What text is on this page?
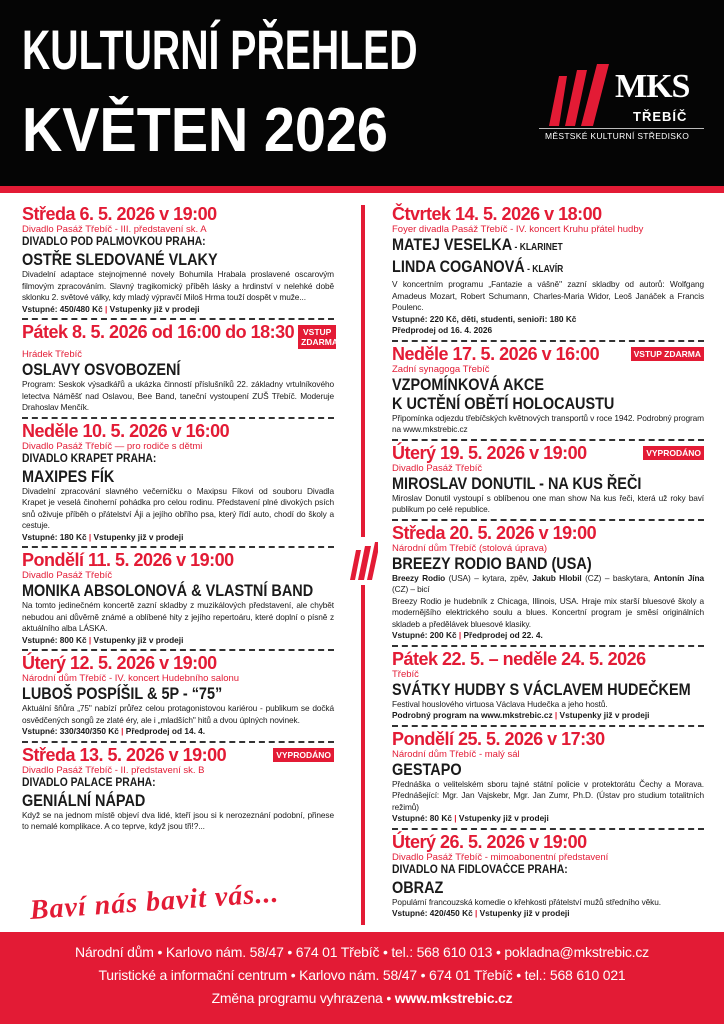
KULTURNÍ PŘEHLED
KVĚTEN 2026
MKS
TŘEBÍČ
MĚSTSKÉ KULTURNÍ STŘEDISKO
Středa 6. 5. 2026 v 19:00
Divadlo Pasáž Třebíč - III. představení sk. A
DIVADLO POD PALMOVKOU PRAHA:
OSTŘE SLEDOVANÉ VLAKY
Divadelní adaptace stejnojmenné novely Bohumila Hrabala proslavené oscarovým filmovým zpracováním. Slavný tragikomický příběh lásky a hrdinství v nelehké době sklonku 2. světové války, kdy mladý výpravčí Miloš Hrma touží dospět v muže...
Vstupné: 450/480 Kč | Vstupenky již v prodeji
Pátek 8. 5. 2026 od 16:00 do 18:30	VSTUP ZDARMA
Hrádek Třebíč
OSLAVY OSVOBOZENÍ
Program: Seskok výsadkářů a ukázka činností příslušníků 22. základny vrtulníkového letectva Náměšť nad Oslavou, Bee Band, taneční vystoupení ZUŠ Třebíč. Moderuje Drahoslav Menčík.
Neděle 10. 5. 2026 v 16:00
Divadlo Pasáž Třebíč — pro rodiče s dětmi
DIVADLO KRAPET PRAHA:
MAXIPES FÍK
Divadelní zpracování slavného večerníčku o Maxipsu Fíkovi od souboru Divadla Krapet je veselá činoherní pohádka pro celou rodinu. Představení plné divokých psích snů oživuje příběh o přátelství Áji a jejího obřího psa, který řídí auto, chodí do školy a cestuje.
Vstupné: 180 Kč | Vstupenky již v prodeji
Pondělí 11. 5. 2026 v 19:00
Divadlo Pasáž Třebíč
MONIKA ABSOLONOVÁ & VLASTNÍ BAND
Na tomto jedinečném koncertě zazní skladby z muzikálových představení, ale chybět nebudou ani důvěrně známé a oblíbené hity z jejího repertoáru, které doplní o písně z aktuálního alba LÁSKA.
Vstupné: 800 Kč | Vstupenky již v prodeji
Úterý 12. 5. 2026 v 19:00
Národní dům Třebíč - IV. koncert Hudebního salonu
LUBOŠ POSPÍŠIL & 5P - “75”
Aktuální šňůra „75" nabízí průřez celou protagonistovou kariérou - publikum se dočká osvědčených songů ze zlaté éry, ale i „mladších" hitů a dvou úplných novinek.
Vstupné: 330/340/350 Kč | Předprodej od 14. 4.
Středa 13. 5. 2026 v 19:00	VYPRODÁNO
Divadlo Pasáž Třebíč - II. představení sk. B
DIVADLO PALACE PRAHA:
GENIÁLNÍ NÁPAD
Když se na jednom místě objeví dva lidé, kteří jsou si k nerozeznání podobní, přinese to nemalé komplikace. A co teprve, když jsou tři!?...
Čtvrtek 14. 5. 2026 v 18:00
Foyer divadla Pasáž Třebíč - IV. koncert Kruhu přátel hudby
MATEJ VESELKA - KLARINET
LINDA COGANOVÁ - KLAVÍR
V koncertním programu „Fantazie a vášně" zazní skladby od autorů: Wolfgang Amadeus Mozart, Robert Schumann, Charles-Maria Widor, Leoš Janáček a Francis Poulenc.
Vstupné: 220 Kč, děti, studenti, senioři: 180 Kč
Předprodej od 16. 4. 2026
Neděle 17. 5. 2026 v 16:00	VSTUP ZDARMA
Zadní synagoga Třebíč
VZPOMÍNKOVÁ AKCE
K UCTĚNÍ OBĚTÍ HOLOCAUSTU
Připomínka odjezdu třebíčských květnových transportů v roce 1942. Podrobný program na www.mkstrebic.cz
Úterý 19. 5. 2026 v 19:00	VYPRODÁNO
Divadlo Pasáž Třebíč
MIROSLAV DONUTIL - NA KUS ŘEČI
Miroslav Donutil vystoupí s oblíbenou one man show Na kus řeči, která už roky baví publikum po celé republice.
Středa 20. 5. 2026 v 19:00
Národní dům Třebíč (stolová úprava)
BREEZY RODIO BAND (USA)
Breezy Rodio (USA) – kytara, zpěv, Jakub Hlobil (CZ) – baskytara, Antonín Jína (CZ) – bicí
Breezy Rodio je hudebník z Chicaga, Illinois, USA. Hraje mix starší bluesové školy a modernějšího elektrického soulu a blues. Koncertní program je směsí originálních skladeb a předělávek bluesové klasiky.
Vstupné: 200 Kč | Předprodej od 22. 4.
Pátek 22. 5. – neděle 24. 5. 2026
Třebíč
SVÁTKY HUDBY S VÁCLAVEM HUDEČKEM
Festival houslového virtuosa Václava Hudečka a jeho hostů.
Podrobný program na www.mkstrebic.cz | Vstupenky již v prodeji
Pondělí 25. 5. 2026 v 17:30
Národní dům Třebíč - malý sál
GESTAPO
Přednáška o velitelském sboru tajné státní policie v protektorátu Čechy a Morava. Přednášející: Mgr. Jan Vajskebr, Mgr. Jan Zumr, Ph.D. (Ústav pro studium totalitních režimů)
Vstupné: 80 Kč | Vstupenky již v prodeji
Úterý 26. 5. 2026 v 19:00
Divadlo Pasáž Třebíč - mimoabonentní představení
DIVADLO NA FIDLOVAČCE PRAHA:
OBRAZ
Populární francouzská komedie o křehkosti přátelství mužů středního věku.
Vstupné: 420/450 Kč | Vstupenky již v prodeji
Baví nás bavit vás...
Národní dům • Karlovo nám. 58/47 • 674 01 Třebíč • tel.: 568 610 013 • pokladna@mkstrebic.cz
Turistické a informační centrum • Karlovo nám. 58/47 • 674 01 Třebíč • tel.: 568 610 021
Změna programu vyhrazena • www.mkstrebic.cz
